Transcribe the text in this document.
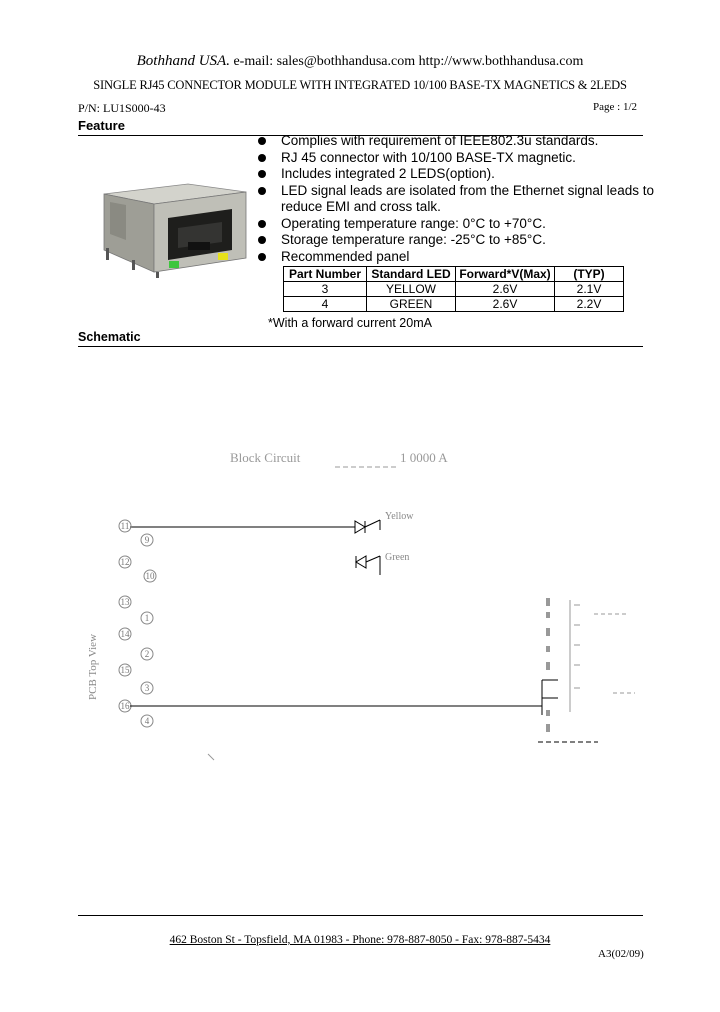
Bothhand USA. e-mail: sales@bothhandusa.com http://www.bothhandusa.com
SINGLE RJ45 CONNECTOR MODULE WITH INTEGRATED 10/100 BASE-TX MAGNETICS & 2LEDS
P/N: LU1S000-43	Page : 1/2
Feature
Complies with requirement of IEEE802.3u standards.
RJ 45 connector with 10/100 BASE-TX magnetic.
Includes integrated 2 LEDS(option).
LED signal leads are isolated from the Ethernet signal leads to reduce EMI and cross talk.
Operating temperature range: 0°C to +70°C.
Storage temperature range: -25°C to +85°C.
Recommended panel
Part Number	Standard LED	Forward*V(Max)	(TYP)
3	YELLOW	2.6V	2.1V
4	GREEN	2.6V	2.2V
*With a forward current 20mA
Schematic
Block Circuit	1 0000 A
Yellow
Green
11
9
12
10
13
1
14
2
15
3
16
4
PCB Top View
462 Boston St - Topsfield, MA 01983 - Phone: 978-887-8050 - Fax: 978-887-5434
A3(02/09)
